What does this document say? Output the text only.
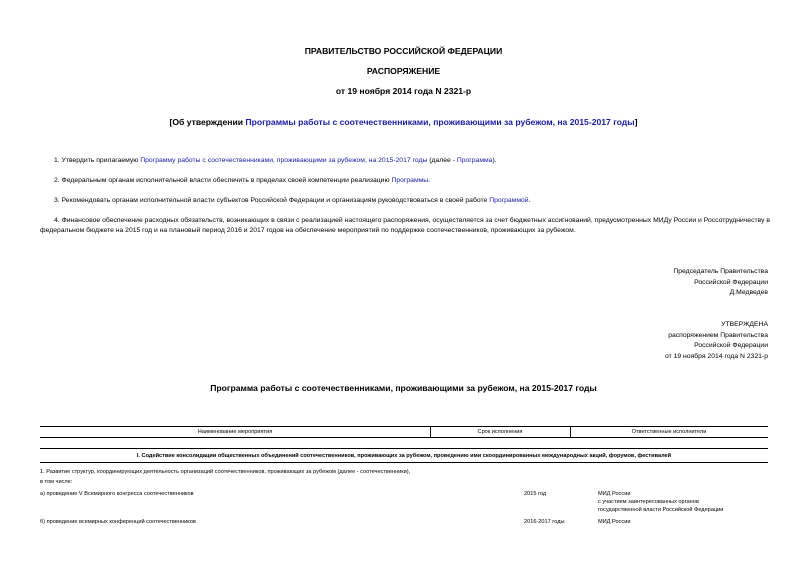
ПРАВИТЕЛЬСТВО РОССИЙСКОЙ ФЕДЕРАЦИИ
РАСПОРЯЖЕНИЕ
от 19 ноября 2014 года N 2321-р
[Об утверждении Программы работы с соотечественниками, проживающими за рубежом, на 2015-2017 годы]
1. Утвердить прилагаемую Программу работы с соотечественниками, проживающими за рубежом, на 2015-2017 годы (далее - Программа).
2. Федеральным органам исполнительной власти обеспечить в пределах своей компетенции реализацию Программы.
3. Рекомендовать органам исполнительной власти субъектов Российской Федерации и организациям руководствоваться в своей работе Программой.
4. Финансовое обеспечение расходных обязательств, возникающих в связи с реализацией настоящего распоряжения, осуществляется за счет бюджетных ассигнований, предусмотренных МИДу России и Россотрудничеству в федеральном бюджете на 2015 год и на плановый период 2016 и 2017 годов на обеспечение мероприятий по поддержке соотечественников, проживающих за рубежом.
Председатель Правительства
Российской Федерации
Д.Медведев
УТВЕРЖДЕНА
распоряжением Правительства
Российской Федерации
от 19 ноября 2014 года N 2321-р
Программа работы с соотечественниками, проживающими за рубежом, на 2015-2017 годы
Наименование мероприятия	Срок исполнения	Ответственные исполнители
I. Содействие консолидации общественных объединений соотечественников, проживающих за рубежом, проведению ими скоординированных международных акций, форумов, фестивалей
1. Развитие структур, координирующих деятельность организаций соотечественников, проживающих за рубежом (далее - соотечественники),
в том числе:
а) проведение V Всемирного конгресса соотечественников	2015 год	МИД России
с участием заинтересованных органов
государственной власти Российской Федерации
б) проведение всемирных конференций соотечественников	2016-2017 годы	МИД России
